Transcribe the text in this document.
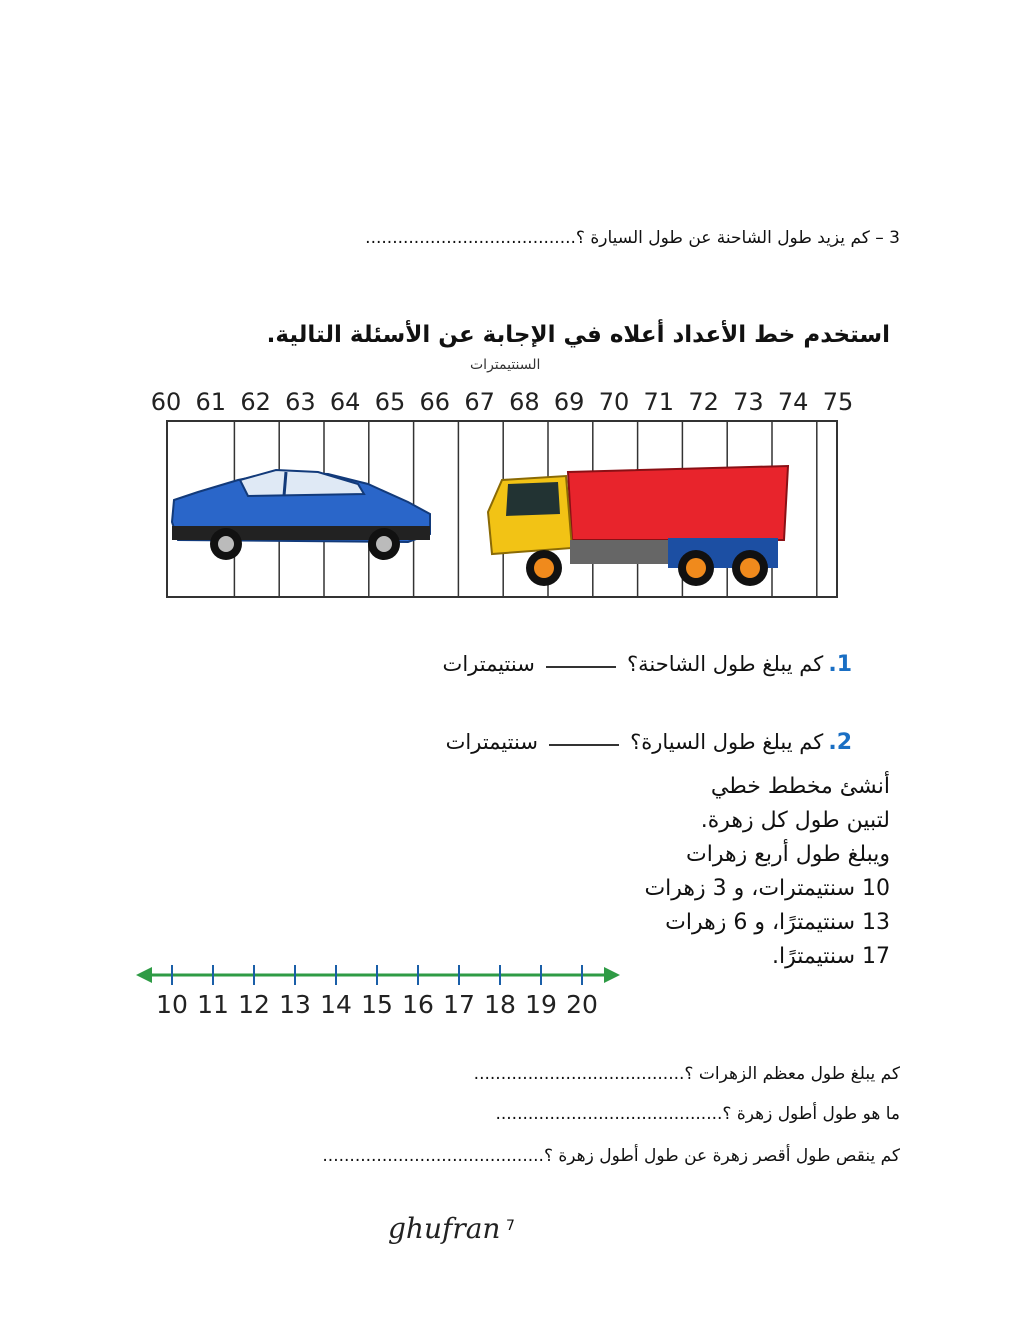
3 – كم يزيد طول الشاحنة عن طول السيارة ؟.......................................
استخدم خط الأعداد أعلاه في الإجابة عن الأسئلة التالية.
السنتيمترات
60 61 62 63 64 65 66 67 68 69 70 71 72 73 74 75
1. كم يبلغ طول الشاحنة؟  سنتيمترات
2. كم يبلغ طول السيارة؟  سنتيمترات
أنشئ مخطط خطي
لتبين طول كل زهرة.
ويبلغ طول أربع زهرات
10 سنتيمترات، و 3 زهرات
13 سنتيمترًا، و 6 زهرات
17 سنتيمترًا.
10 11 12 13 14 15 16 17 18 19 20
كم يبلغ طول معظم الزهرات ؟.......................................
ما هو طول أطول زهرة ؟..........................................
كم ينقص طول أقصر زهرة عن طول أطول زهرة ؟.........................................
ghufran 7
